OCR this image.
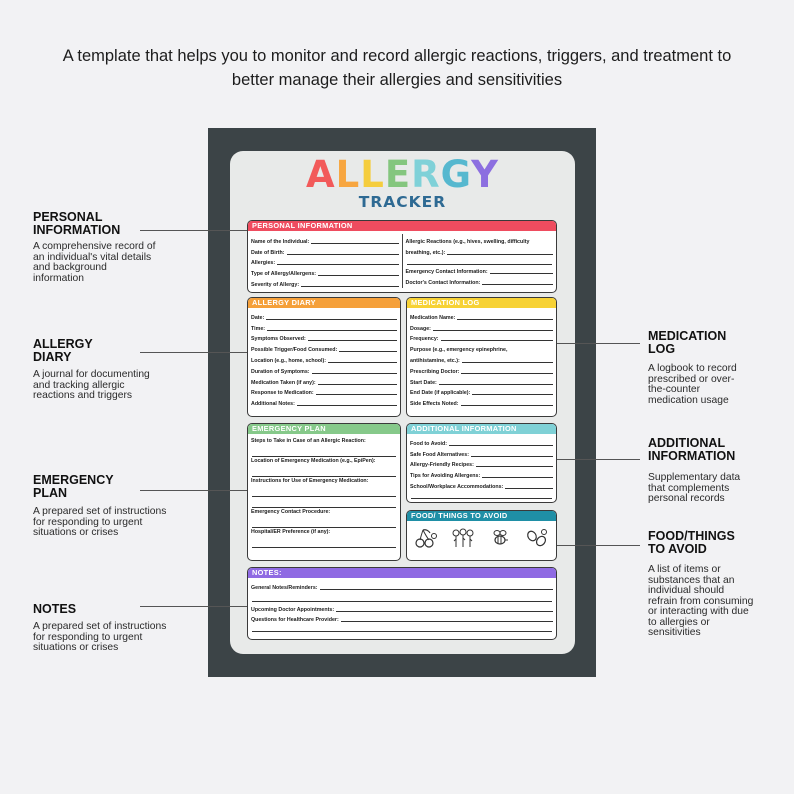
A template that helps you to monitor and record allergic reactions, triggers, and treatment to better manage their allergies and sensitivities

ALLERGY
TRACKER
PERSONAL INFORMATION
Name of the Individual:
Date of Birth:
Allergies:
Type of Allergy/Allergens:
Severity of Allergy:
Allergic Reactions (e.g., hives, swelling, difficulty
breathing, etc.):
Emergency Contact Information:
Doctor's Contact Information:
ALLERGY DIARY
Date:
Time:
Symptoms Observed:
Possible Trigger/Food Consumed:
Location (e.g., home, school):
Duration of Symptoms:
Medication Taken (if any):
Response to Medication:
Additional Notes:
MEDICATION LOG
Medication Name:
Dosage:
Frequency:
Purpose (e.g., emergency epinephrine,
antihistamine, etc.):
Prescribing Doctor:
Start Date:
End Date (if applicable):
Side Effects Noted:
EMERGENCY PLAN
Steps to Take in Case of an Allergic Reaction:
Location of Emergency Medication (e.g., EpiPen):
Instructions for Use of Emergency Medication:
Emergency Contact Procedure:
Hospital/ER Preference (if any):
ADDITIONAL INFORMATION
Food to Avoid:
Safe Food Alternatives:
Allergy-Friendly Recipes:
Tips for Avoiding Allergens:
School/Workplace Accommodations:
FOOD/ THINGS TO AVOID
NOTES:
General Notes/Reminders:
Upcoming Doctor Appointments:
Questions for Healthcare Provider:
PERSONAL
INFORMATION
A comprehensive record of
an individual's vital details
and background
information
ALLERGY
DIARY
A journal for documenting
and tracking allergic
reactions and triggers
EMERGENCY
PLAN
A prepared set of instructions
for responding to urgent
situations or crises
NOTES
A prepared set of instructions
for responding to urgent
situations or crises
MEDICATION
LOG
A logbook to record
prescribed or over-
the-counter
medication usage
ADDITIONAL
INFORMATION
Supplementary data
that complements
personal records
FOOD/THINGS
TO AVOID
A list of items or
substances that an
individual should
refrain from consuming
or interacting with due
to allergies or
sensitivities
